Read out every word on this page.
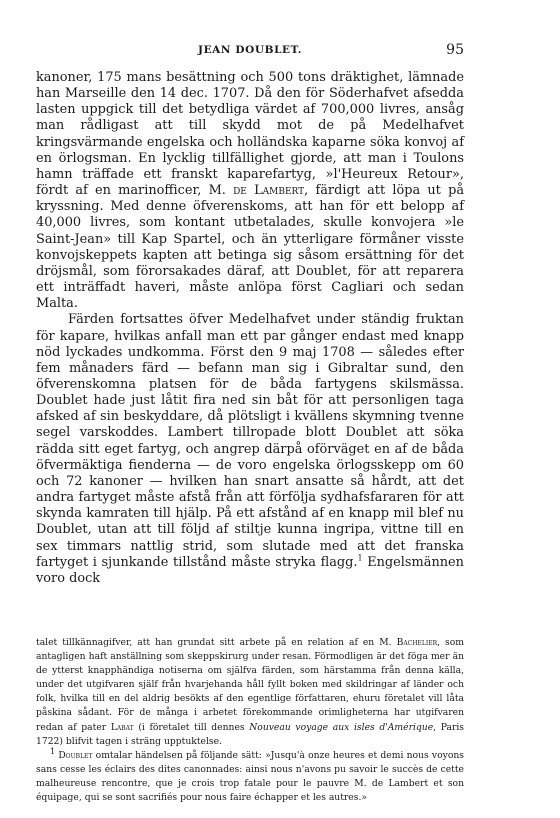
JEAN DOUBLET.	95

kanoner, 175 mans besättning och 500 tons dräktighet, lämnade han Marseille den 14 dec. 1707. Då den för Söderhafvet afsedda lasten uppgick till det betydliga värdet af 700,000 livres, ansåg man rådligast att till skydd mot de på Medelhafvet kringsvärmande engelska och holländska kaparne söka konvoj af en örlogsman. En lycklig tillfällighet gjorde, att man i Toulons hamn träffade ett franskt kaparefartyg, »l'Heureux Retour», fördt af en marinofficer, M. de Lambert, färdigt att löpa ut på kryssning. Med denne öfverenskoms, att han för ett belopp af 40,000 livres, som kontant utbetalades, skulle konvojera »le Saint-Jean» till Kap Spartel, och än ytterligare förmåner visste konvojskeppets kapten att betinga sig såsom ersättning för det dröjsmål, som förorsakades däraf, att Doublet, för att reparera ett inträffadt haveri, måste anlöpa först Cagliari och sedan Malta.

Färden fortsattes öfver Medelhafvet under ständig fruktan för kapare, hvilkas anfall man ett par gånger endast med knapp nöd lyckades undkomma. Först den 9 maj 1708 — således efter fem månaders färd — befann man sig i Gibraltar sund, den öfverenskomna platsen för de båda fartygens skilsmässa. Doublet hade just låtit fira ned sin båt för att personligen taga afsked af sin beskyddare, då plötsligt i kvällens skymning tvenne segel varskoddes. Lambert tillropade blott Doublet att söka rädda sitt eget fartyg, och angrep därpå oförväget en af de båda öfvermäktiga fienderna — de voro engelska örlogsskepp om 60 och 72 kanoner — hvilken han snart ansatte så hårdt, att det andra fartyget måste afstå från att förfölja sydhafsfararen för att skynda kamraten till hjälp. På ett afstånd af en knapp mil blef nu Doublet, utan att till följd af stiltje kunna ingripa, vittne till en sex timmars nattlig strid, som slutade med att det franska fartyget i sjunkande tillstånd måste stryka flagg.$^1$ Engelsmännen voro dock

talet tillkännagifver, att han grundat sitt arbete på en relation af en M. Bachelier, som antagligen haft anställning som skeppskirurg under resan. Förmodligen är det föga mer än de ytterst knapphändiga notiserna om själfva färden, som härstamma från denna källa, under det utgifvaren själf från hvarjehanda håll fyllt boken med skildringar af länder och folk, hvilka till en del aldrig besökts af den egentlige författaren, ehuru företalet vill låta påskina sådant. För de många i arbetet förekommande orimligheterna har utgifvaren redan af pater Labat (i företalet till dennes Nouveau voyage aux isles d'Amérique, Paris 1722) blifvit tagen i sträng upptuktelse.

$^1$ Doublet omtalar händelsen på följande sätt: »Jusqu'à onze heures et demi nous voyons sans cesse les éclairs des dites canonnades: ainsi nous n'avons pu savoir le succès de cette malheureuse rencontre, que je crois trop fatale pour le pauvre M. de Lambert et son équipage, qui se sont sacrifiés pour nous faire échapper et les autres.»
